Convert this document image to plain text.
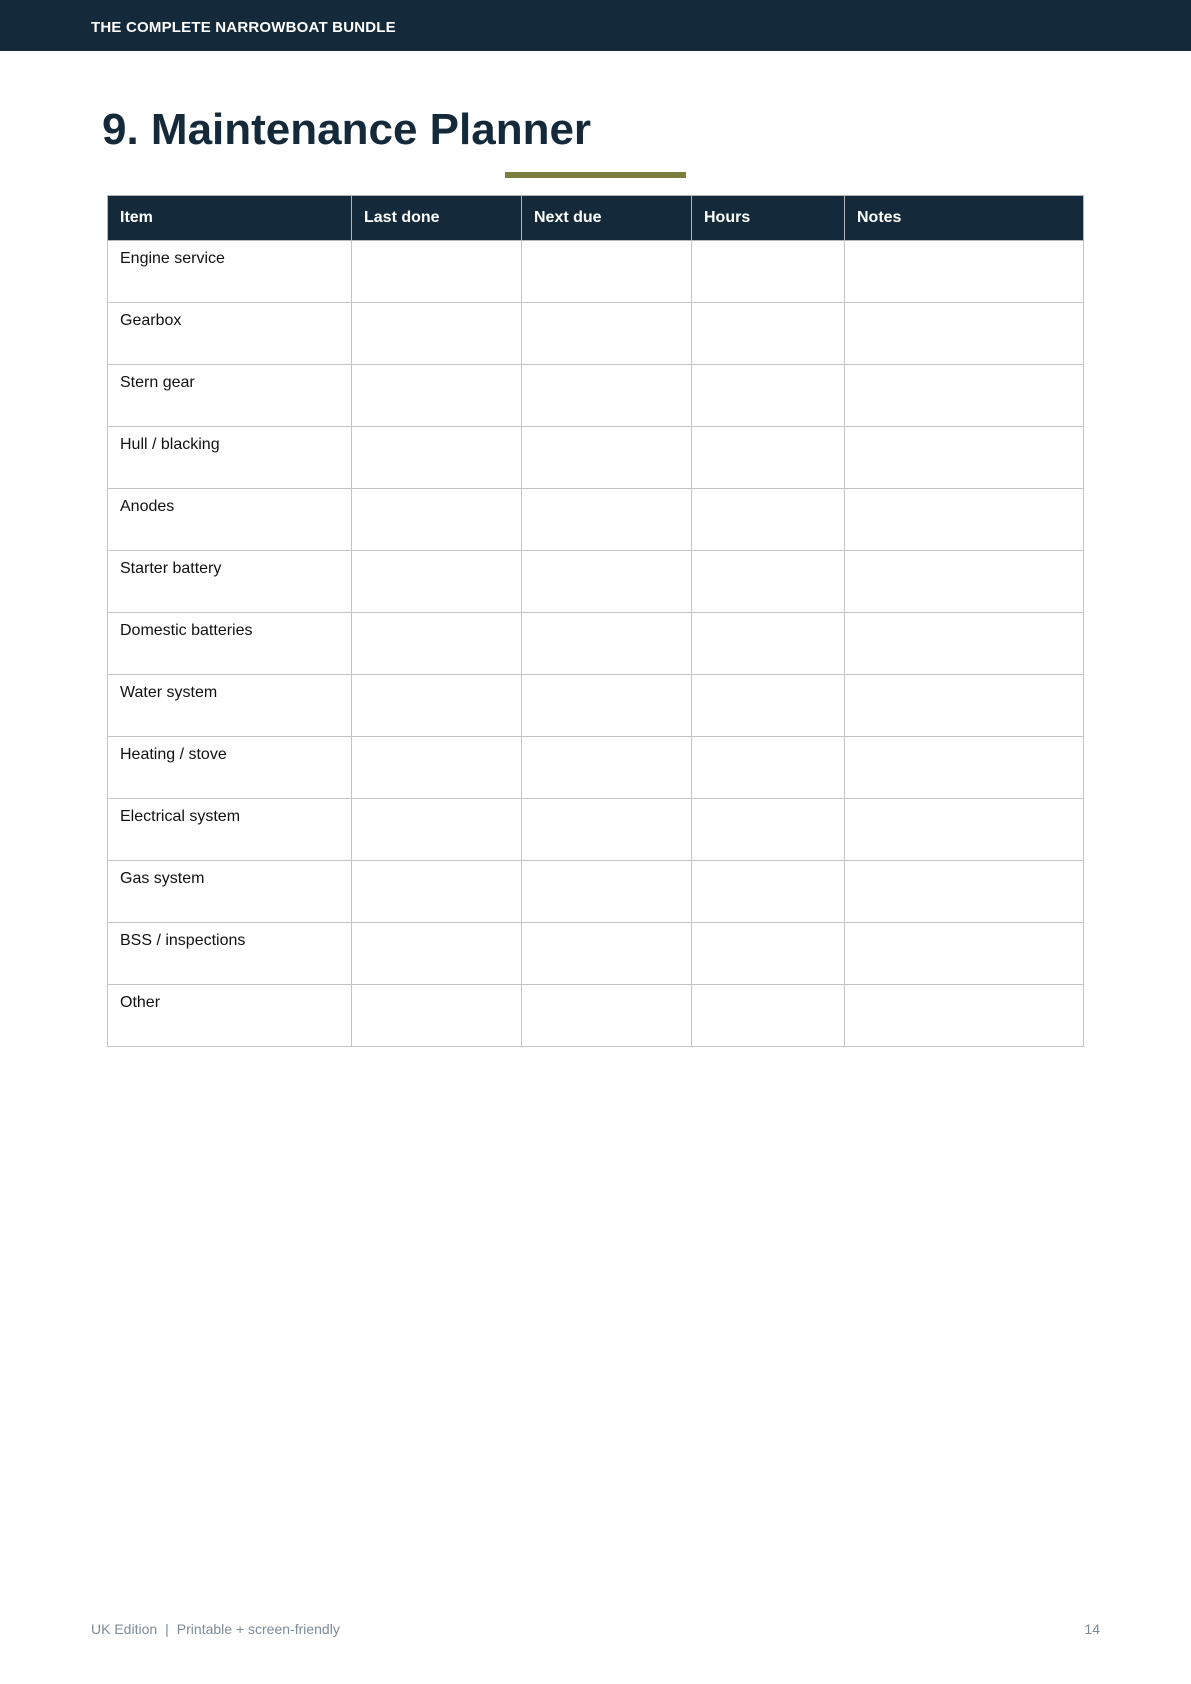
THE COMPLETE NARROWBOAT BUNDLE
9. Maintenance Planner
Item	Last done	Next due	Hours	Notes
Engine service				
Gearbox				
Stern gear				
Hull / blacking				
Anodes				
Starter battery				
Domestic batteries				
Water system				
Heating / stove				
Electrical system				
Gas system				
BSS / inspections				
Other				
UK Edition | Printable + screen-friendly	14
